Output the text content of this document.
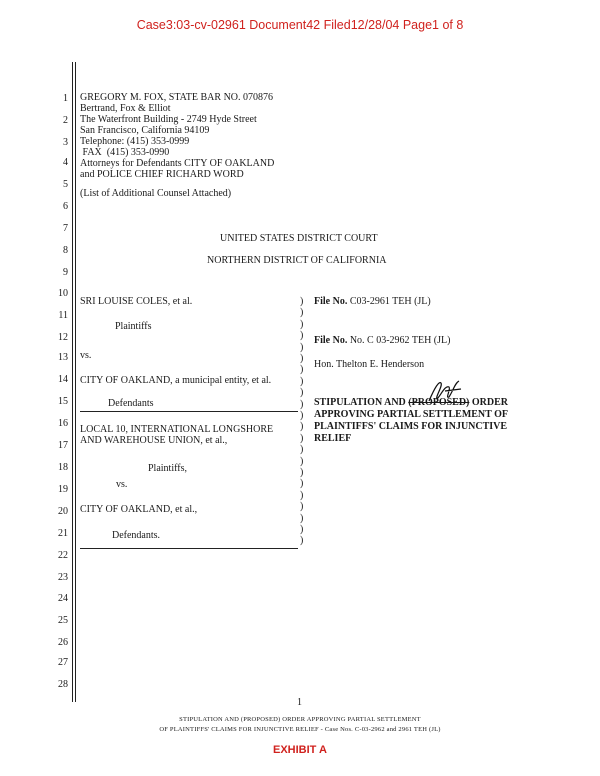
Case3:03-cv-02961 Document42 Filed12/28/04 Page1 of 8
1
2
3
4
5
6
7
8
9
10
11
12
13
14
15
16
17
18
19
20
21
22
23
24
25
26
27
28
GREGORY M. FOX, STATE BAR NO. 070876
Bertrand, Fox & Elliot
The Waterfront Building - 2749 Hyde Street
San Francisco, California 94109
Telephone: (415) 353-0999
FAX  (415) 353-0990
Attorneys for Defendants CITY OF OAKLAND
and POLICE CHIEF RICHARD WORD
(List of Additional Counsel Attached)
UNITED STATES DISTRICT COURT
NORTHERN DISTRICT OF CALIFORNIA
SRI LOUISE COLES, et al.
Plaintiffs
vs.
CITY OF OAKLAND, a municipal entity, et al.
Defendants
LOCAL 10, INTERNATIONAL LONGSHORE
AND WAREHOUSE UNION, et al.,
Plaintiffs,
vs.
CITY OF OAKLAND, et al.,
Defendants.
)
)
)
)
)
)
)
)
)
)
)
)
)
)
)
)
)
)
)
)
)
)
File No. C03-2961 TEH (JL)
File No. No. C 03-2962 TEH (JL)
Hon. Thelton E. Henderson
STIPULATION AND (PROPOSED) ORDER
APPROVING PARTIAL SETTLEMENT OF
PLAINTIFFS' CLAIMS FOR INJUNCTIVE
RELIEF
1
STIPULATION AND (PROPOSED) ORDER APPROVING PARTIAL SETTLEMENT
OF PLAINTIFFS' CLAIMS FOR INJUNCTIVE RELIEF - Case Nos. C-03-2962 and 2961 TEH (JL)
EXHIBIT A
